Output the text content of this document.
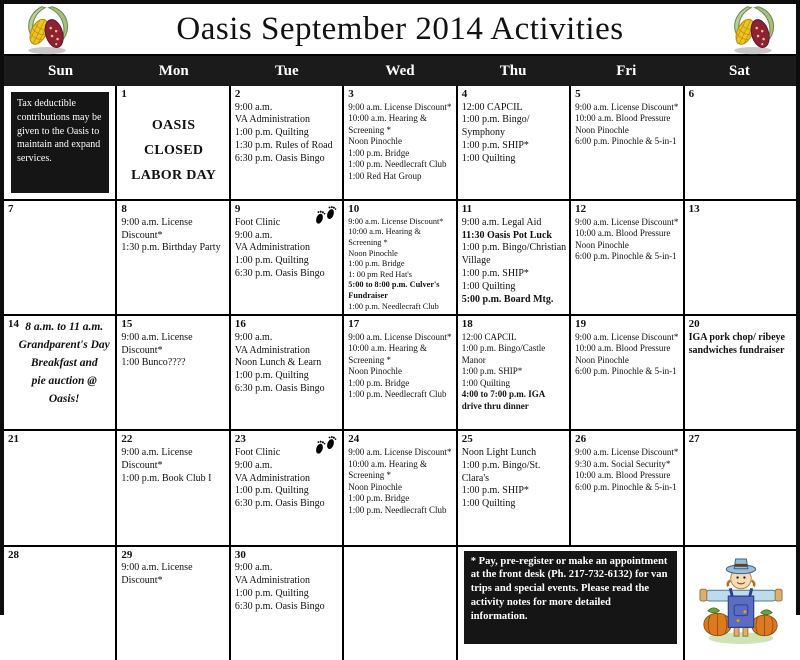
Oasis September 2014 Activities
Sun	Mon	Tue	Wed	Thu	Fri	Sat
Tax deductible contributions may be given to the Oasis to maintain and expand services.
1
OASIS CLOSED
LABOR DAY
2
9:00 a.m.
VA Administration
1:00 p.m. Quilting
1:30 p.m. Rules of Road
6:30 p.m. Oasis Bingo
3
9:00 a.m. License Discount*
10:00 a.m. Hearing & Screening *
Noon Pinochle
1:00 p.m. Bridge
1:00 p.m. Needlecraft Club
1:00 Red Hat Group
4
12:00 CAPCIL
1:00 p.m. Bingo/ Symphony
1:00 p.m. SHIP*
1:00 Quilting
5
9:00 a.m. License Discount*
10:00 a.m. Blood Pressure
Noon Pinochle
6:00 p.m. Pinochle & 5-in-1
6
7	8
9:00 a.m. License Discount*
1:30 p.m. Birthday Party
9
Foot Clinic
9:00 a.m.
VA Administration
1:00 p.m. Quilting
6:30 p.m. Oasis Bingo
10
9:00 a.m. License Discount*
10:00 a.m. Hearing & Screening *
Noon Pinochle
1:00 p.m. Bridge
1: 00 pm Red Hat's
5:00 to 8:00 p.m. Culver's Fundraiser
1:00 p.m. Needlecraft Club
11
9:00 a.m. Legal Aid
11:30 Oasis Pot Luck
1:00 p.m. Bingo/Christian Village
1:00 p.m. SHIP*
1:00 Quilting
5:00 p.m. Board Mtg.
12
9:00 a.m. License Discount*
10:00 a.m. Blood Pressure
Noon Pinochle
6:00 p.m. Pinochle & 5-in-1
13
14 8 a.m. to 11 a.m.
Grandparent's Day
Breakfast and
pie auction @ Oasis!
15
9:00 a.m. License Discount*
1:00 Bunco????
16
9:00 a.m.
VA Administration
Noon Lunch & Learn
1:00 p.m. Quilting
6:30 p.m. Oasis Bingo
17
9:00 a.m. License Discount*
10:00 a.m. Hearing & Screening *
Noon Pinochle
1:00 p.m. Bridge
1:00 p.m. Needlecraft Club
18
12:00 CAPCIL
1:00 p.m. Bingo/Castle Manor
1:00 p.m. SHIP*
1:00 Quilting
4:00 to 7:00 p.m. IGA drive thru dinner
19
9:00 a.m. License Discount*
10:00 a.m. Blood Pressure
Noon Pinochle
6:00 p.m. Pinochle & 5-in-1
20
IGA pork chop/ ribeye sandwiches fundraiser
21	22
9:00 a.m. License Discount*
1:00 p.m. Book Club I
23
Foot Clinic
9:00 a.m.
VA Administration
1:00 p.m. Quilting
6:30 p.m. Oasis Bingo
24
9:00 a.m. License Discount*
10:00 a.m. Hearing & Screening *
Noon Pinochle
1:00 p.m. Bridge
1:00 p.m. Needlecraft Club
25
Noon Light Lunch
1:00 p.m. Bingo/St. Clara's
1:00 p.m. SHIP*
1:00 Quilting
26
9:00 a.m. License Discount*
9:30 a.m. Social Security*
10:00 a.m. Blood Pressure
6:00 p.m. Pinochle & 5-in-1
27
28	29
9:00 a.m. License Discount*
30
9:00 a.m.
VA Administration
1:00 p.m. Quilting
6:30 p.m. Oasis Bingo
* Pay, pre-register or make an appointment at the front desk (Ph. 217-732-6132) for van trips and special events. Please read the activity notes for more detailed information.
